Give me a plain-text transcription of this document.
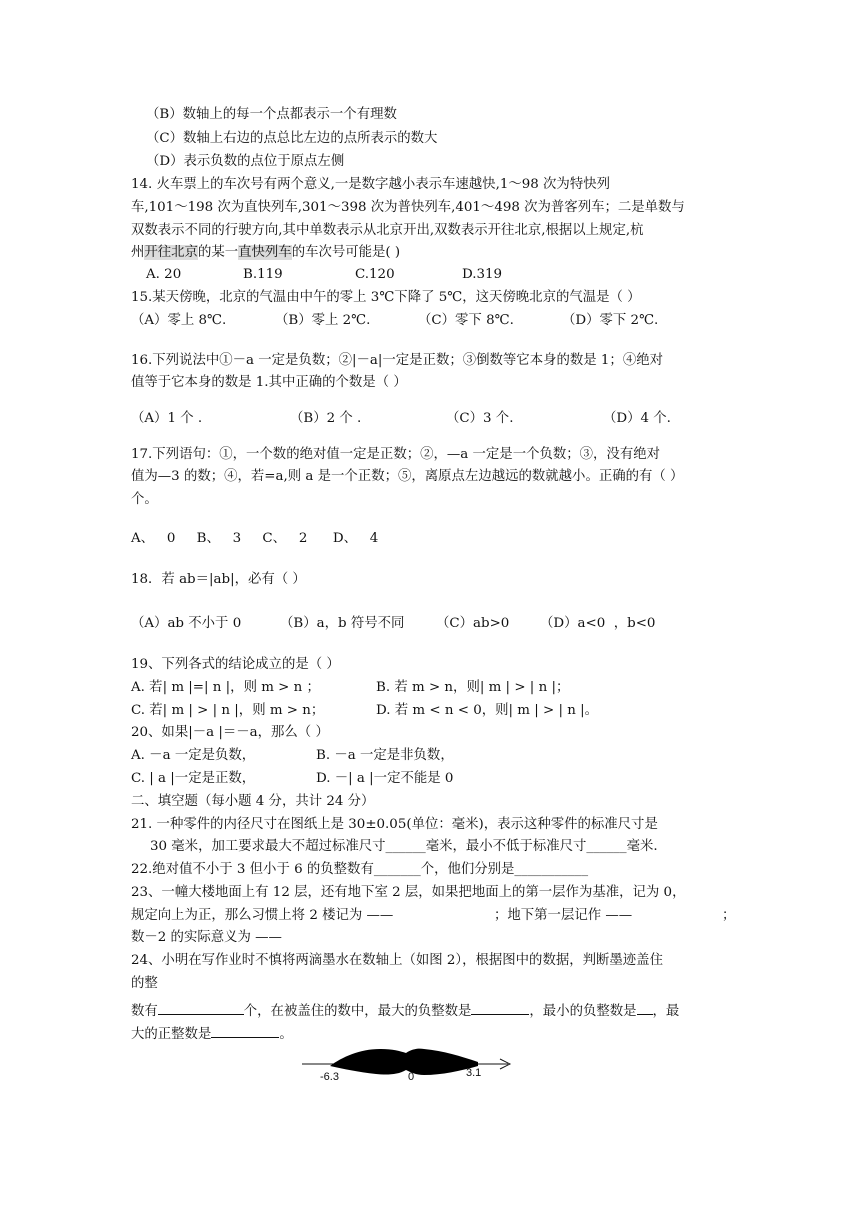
（B）数轴上的每一个点都表示一个有理数
（C）数轴上右边的点总比左边的点所表示的数大
（D）表示负数的点位于原点左侧
14. 火车票上的车次号有两个意义,一是数字越小表示车速越快,1～98 次为特快列
车,101～198 次为直快列车,301～398 次为普快列车,401～498 次为普客列车；二是单数与
双数表示不同的行驶方向,其中单数表示从北京开出,双数表示开往北京,根据以上规定,杭
州开往北京的某一直快列车的车次号可能是( )
A. 20	B.119	C.120	D.319
15.某天傍晚，北京的气温由中午的零上 3℃下降了 5℃，这天傍晚北京的气温是（ ）
（A）零上 8℃.	（B）零上 2℃.	（C）零下 8℃.	（D）零下 2℃.
16.下列说法中①－a 一定是负数；②|－a|一定是正数；③倒数等它本身的数是 1；④绝对
值等于它本身的数是 1.其中正确的个数是（ ）
（A）1 个 .	（B）2 个 .	（C）3 个.	（D）4 个.
17.下列语句：①，一个数的绝对值一定是正数；②，—a 一定是一个负数；③，没有绝对
值为—3 的数；④，若=a,则 a 是一个正数；⑤，离原点左边越远的数就越小。正确的有（ ）
个。
A、   0     B、   3     C、   2      D、   4
18．若 ab＝|ab|，必有（ ）
（A）ab 不小于 0	（B）a，b 符号不同 （C）ab>0 （D）a<0  ，b<0
19、下列各式的结论成立的是（ ）
A. 若| m |=| n |，则 m > n ；	B. 若 m > n，则| m | > | n |；
C. 若| m | > | n |，则 m > n；	D. 若 m < n < 0，则| m | > | n |。
20、如果|－a |＝－a，那么（ ）
A. －a 一定是负数，	B. －a 一定是非负数，
C. | a |一定是正数，	D. －| a |一定不能是 0
二、填空题（每小题 4 分，共计 24 分）
21. 一种零件的内径尺寸在图纸上是 30±0.05(单位：毫米)，表示这种零件的标准尺寸是
30 毫米，加工要求最大不超过标准尺寸______毫米，最小不低于标准尺寸______毫米.
22.绝对值不小于 3 但小于 6 的负整数有_______个，他们分别是___________
23、一幢大楼地面上有 12 层，还有地下室 2 层，如果把地面上的第一层作为基准，记为 0，
规定向上为正，那么习惯上将 2 楼记为 ——	；地下第一层记作 ——	；
数－2 的实际意义为 ——
24、小明在写作业时不慎将两滴墨水在数轴上（如图 2），根据图中的数据，判断墨迹盖住
的整
数有	个，在被盖住的数中，最大的负整数是	，最小的负整数是 ，最
大的正整数是	。
-6.3	0	3.1
